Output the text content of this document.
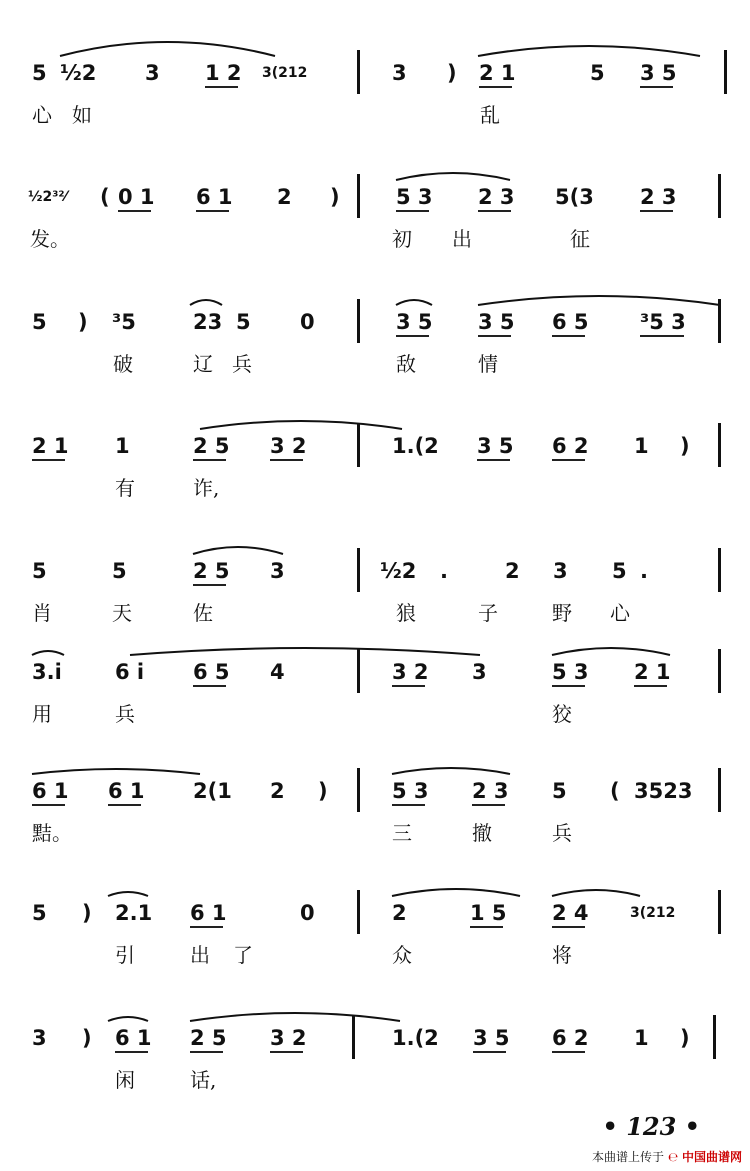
5 ½2 3 1 2 3(212	3 ) 2 1	5 3 5
心 如	乱
½2³²⁄ ( 0 1 6 1 2 )	5 3 2 3 5(3 2 3
发。	初 出	征
5 ) ³5	23 5 0	3 5 3 5 6 5 ³5 3
破	辽 兵	敌	情
2 1 1	2 5 3 2	1.(2 3 5 6 2 1 )
有	诈,
5	5	2 5 3	½2 .	2 3 5 .
肖	天	佐	狼	子	野 心
3.i	6 i 6 5 4	3 2 3	5 3 2 1
用	兵	狡
6 1 6 1 2(1 2 )	5 3 2 3 5 ( 3523
黠。	三	撤	兵
5 ) 2.1 6 1	0	2	1 5 2 4	3(212
引	出 了	众	将
3 ) 6 1 2 5 3 2	1.(2 3 5 6 2 1 )
闲	话,
• 123 •
本曲谱上传于 ℮ 中国曲谱网
